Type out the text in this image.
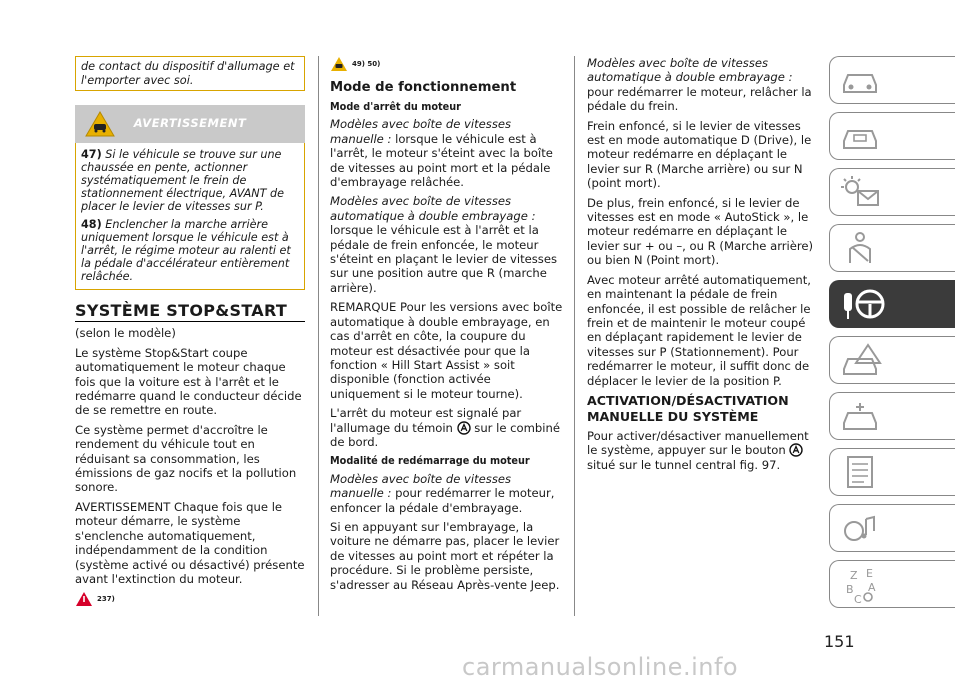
de contact du dispositif d'allumage et l'emporter avec soi.
AVERTISSEMENT

47) Si le véhicule se trouve sur une chaussée en pente, actionner systématiquement le frein de stationnement électrique, AVANT de placer le levier de vitesses sur P.

48) Enclencher la marche arrière uniquement lorsque le véhicule est à l'arrêt, le régime moteur au ralenti et la pédale d'accélérateur entièrement relâchée.

SYSTÈME STOP&START

(selon le modèle)

Le système Stop&Start coupe automatiquement le moteur chaque fois que la voiture est à l'arrêt et le redémarre quand le conducteur décide de se remettre en route.

Ce système permet d'accroître le rendement du véhicule tout en réduisant sa consommation, les émissions de gaz nocifs et la pollution sonore.

AVERTISSEMENT Chaque fois que le moteur démarre, le système s'enclenche automatiquement, indépendamment de la condition (système activé ou désactivé) présente avant l'extinction du moteur.

237)
49) 50)
Mode de fonctionnement
Mode d'arrêt du moteur

Modèles avec boîte de vitesses manuelle : lorsque le véhicule est à l'arrêt, le moteur s'éteint avec la boîte de vitesses au point mort et la pédale d'embrayage relâchée.

Modèles avec boîte de vitesses automatique à double embrayage : lorsque le véhicule est à l'arrêt et la pédale de frein enfoncée, le moteur s'éteint en plaçant le levier de vitesses sur une position autre que R (marche arrière).

REMARQUE Pour les versions avec boîte automatique à double embrayage, en cas d'arrêt en côte, la coupure du moteur est désactivée pour que la fonction « Hill Start Assist » soit disponible (fonction activée uniquement si le moteur tourne).

L'arrêt du moteur est signalé par l'allumage du témoin  sur le combiné de bord.

Modalité de redémarrage du moteur

Modèles avec boîte de vitesses manuelle : pour redémarrer le moteur, enfoncer la pédale d'embrayage.

Si en appuyant sur l'embrayage, la voiture ne démarre pas, placer le levier de vitesses au point mort et répéter la procédure. Si le problème persiste, s'adresser au Réseau Après-vente Jeep.

Modèles avec boîte de vitesses automatique à double embrayage : pour redémarrer le moteur, relâcher la pédale du frein.

Frein enfoncé, si le levier de vitesses est en mode automatique D (Drive), le moteur redémarre en déplaçant le levier sur R (Marche arrière) ou sur N (point mort).

De plus, frein enfoncé, si le levier de vitesses est en mode « AutoStick », le moteur redémarre en déplaçant le levier sur + ou –, ou R (Marche arrière) ou bien N (Point mort).

Avec moteur arrêté automatiquement, en maintenant la pédale de frein enfoncée, il est possible de relâcher le frein et de maintenir le moteur coupé en déplaçant rapidement le levier de vitesses sur P (Stationnement). Pour redémarrer le moteur, il suffit donc de déplacer le levier de la position P.

ACTIVATION/DÉSACTIVATION MANUELLE DU SYSTÈME

Pour activer/désactiver manuellement le système, appuyer sur le bouton  situé sur le tunnel central fig. 97.

Z E
B A
C
151
carmanualsonline.info
